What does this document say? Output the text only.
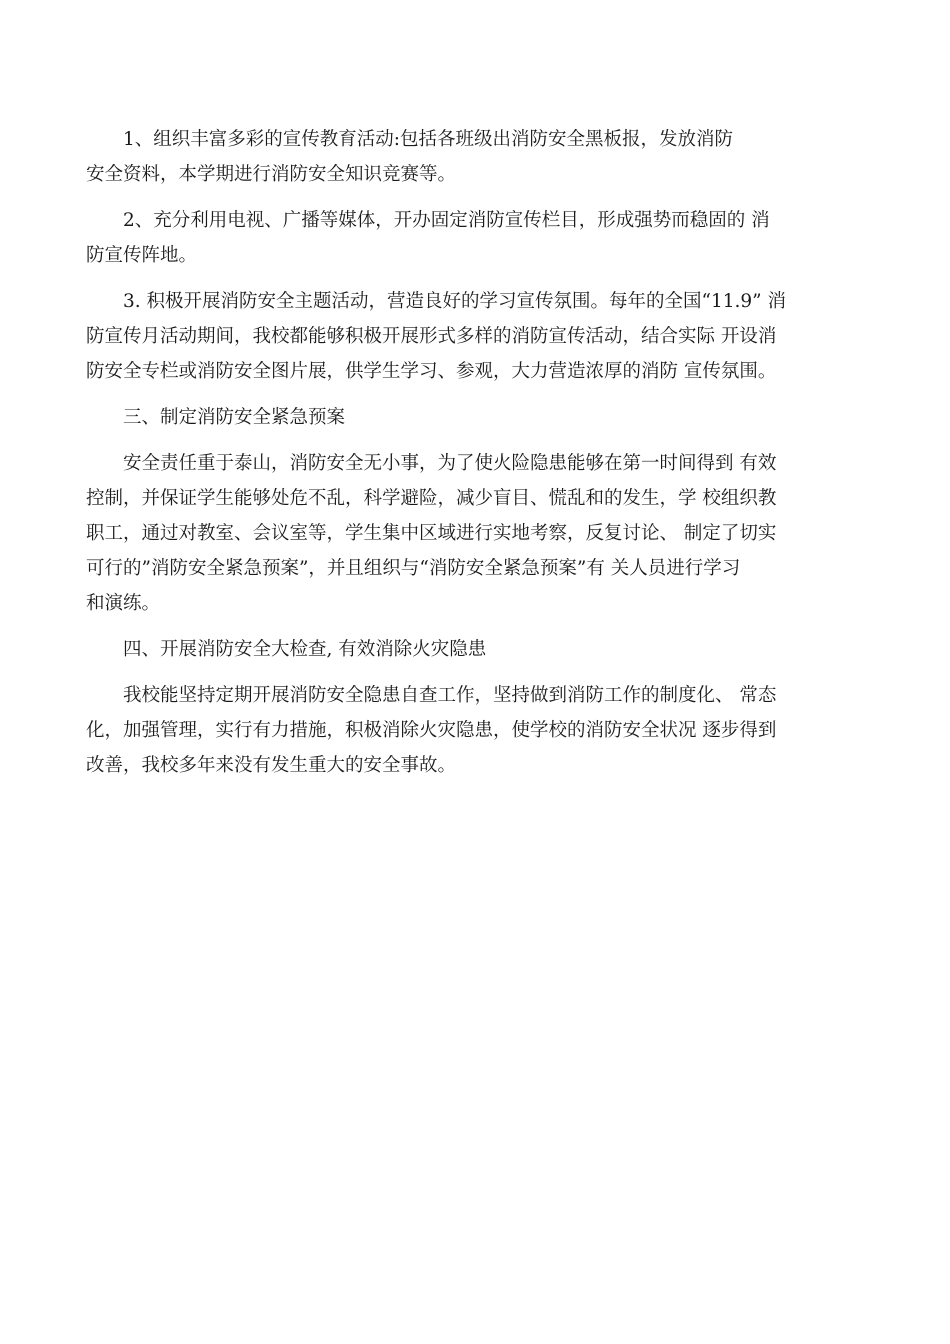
1、组织丰富多彩的宣传教育活动:包括各班级出消防安全黑板报，发放消防
安全资料，本学期进行消防安全知识竞赛等。
2、充分利用电视、广播等媒体，开办固定消防宣传栏目，形成强势而稳固的 消
防宣传阵地。
3. 积极开展消防安全主题活动，营造良好的学习宣传氛围。每年的全国“11.9” 消
防宣传月活动期间，我校都能够积极开展形式多样的消防宣传活动，结合实际 开设消
防安全专栏或消防安全图片展，供学生学习、参观，大力营造浓厚的消防 宣传氛围。
三、制定消防安全紧急预案
安全责任重于泰山，消防安全无小事，为了使火险隐患能够在第一时间得到 有效
控制，并保证学生能够处危不乱，科学避险，减少盲目、慌乱和的发生，学 校组织教
职工，通过对教室、会议室等，学生集中区域进行实地考察，反复讨论、 制定了切实
可行的”消防安全紧急预案”，并且组织与“消防安全紧急预案”有 关人员进行学习
和演练。
四、开展消防安全大检查, 有效消除火灾隐患
我校能坚持定期开展消防安全隐患自查工作，坚持做到消防工作的制度化、 常态
化，加强管理，实行有力措施，积极消除火灾隐患，使学校的消防安全状况 逐步得到
改善，我校多年来没有发生重大的安全事故。
